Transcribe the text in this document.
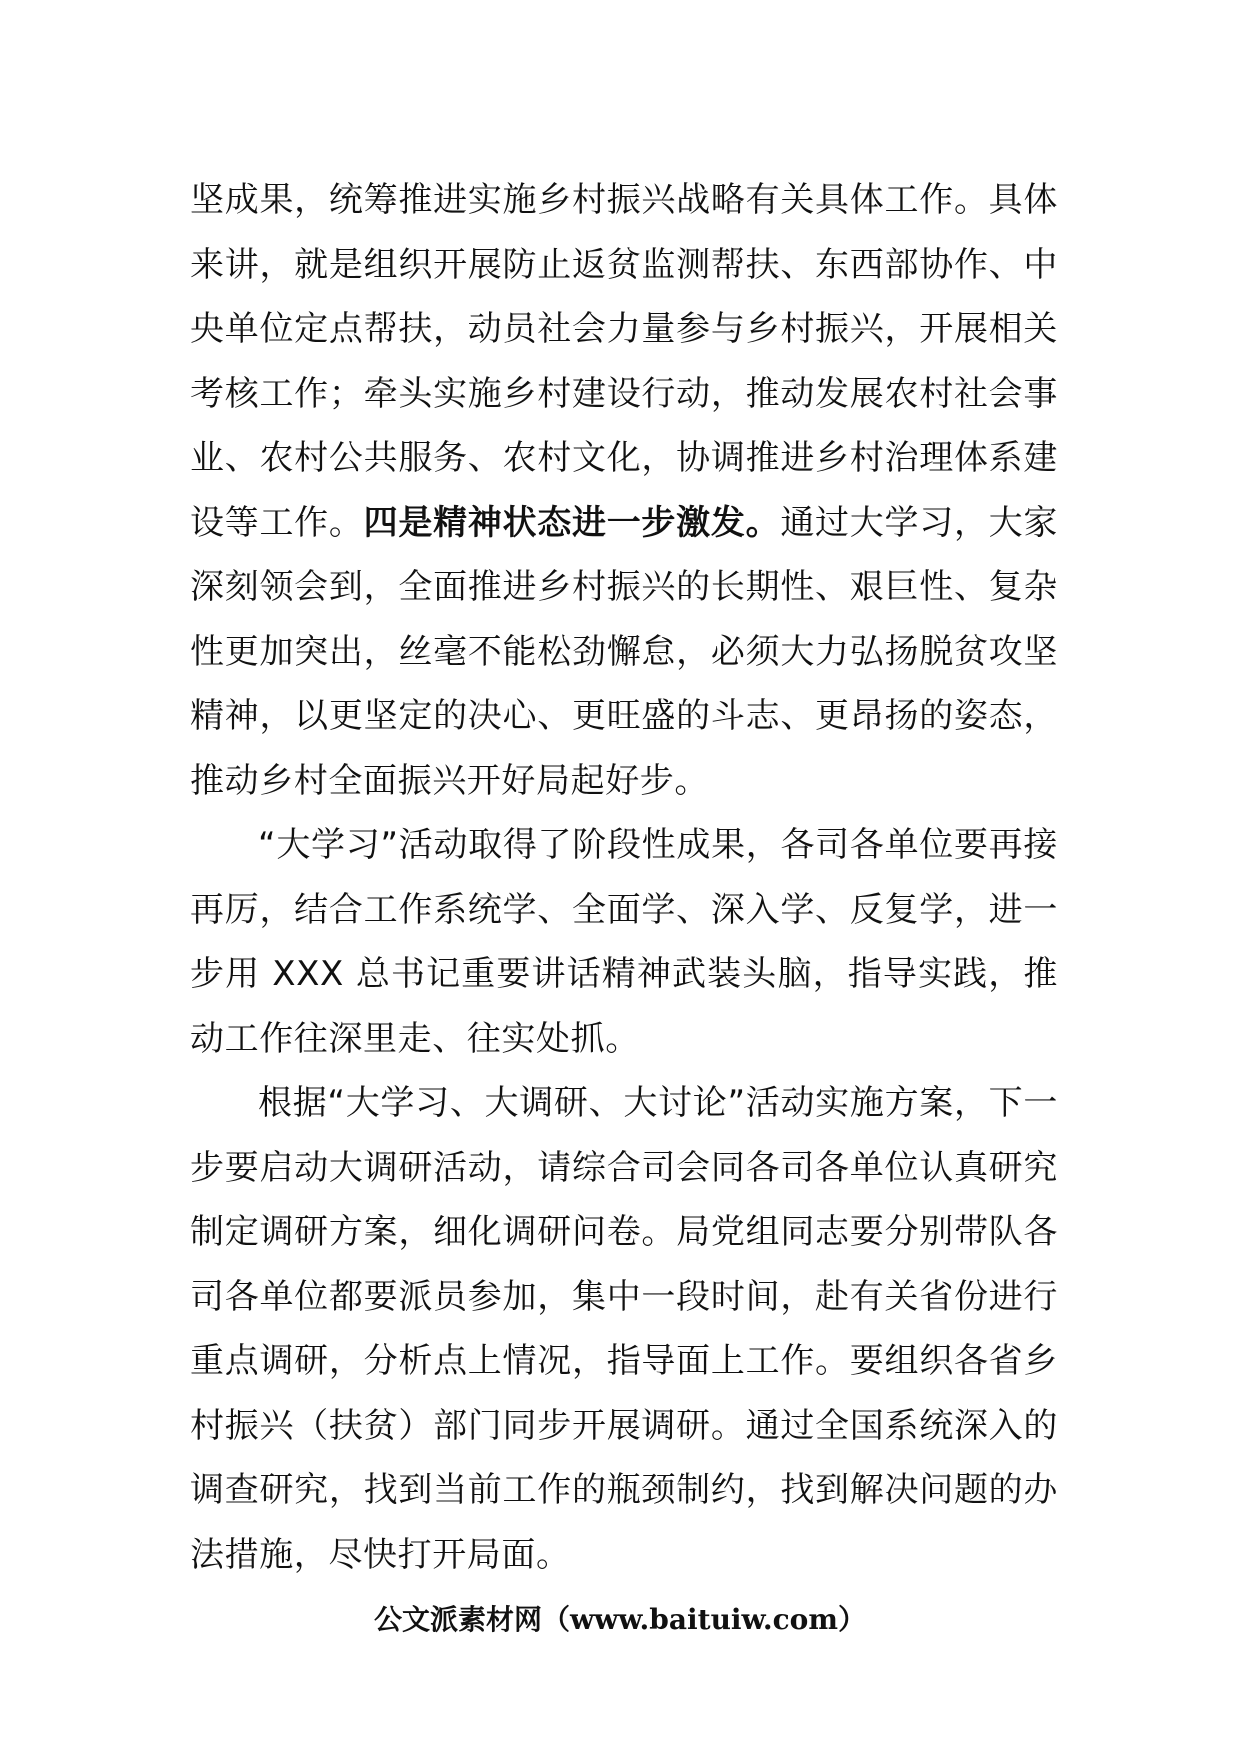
坚成果，统筹推进实施乡村振兴战略有关具体工作。具体来讲，就是组织开展防止返贫监测帮扶、东西部协作、中央单位定点帮扶，动员社会力量参与乡村振兴，开展相关考核工作；牵头实施乡村建设行动，推动发展农村社会事业、农村公共服务、农村文化，协调推进乡村治理体系建设等工作。四是精神状态进一步激发。通过大学习，大家深刻领会到，全面推进乡村振兴的长期性、艰巨性、复杂性更加突出，丝毫不能松劲懈怠，必须大力弘扬脱贫攻坚精神，以更坚定的决心、更旺盛的斗志、更昂扬的姿态，推动乡村全面振兴开好局起好步。

“大学习”活动取得了阶段性成果，各司各单位要再接再厉，结合工作系统学、全面学、深入学、反复学，进一步用 XXX 总书记重要讲话精神武装头脑，指导实践，推动工作往深里走、往实处抓。

根据“大学习、大调研、大讨论”活动实施方案，下一步要启动大调研活动，请综合司会同各司各单位认真研究制定调研方案，细化调研问卷。局党组同志要分别带队各司各单位都要派员参加，集中一段时间，赴有关省份进行重点调研，分析点上情况，指导面上工作。要组织各省乡村振兴（扶贫）部门同步开展调研。通过全国系统深入的调查研究，找到当前工作的瓶颈制约，找到解决问题的办法措施，尽快打开局面。

公文派素材网（www.baituiw.com）
